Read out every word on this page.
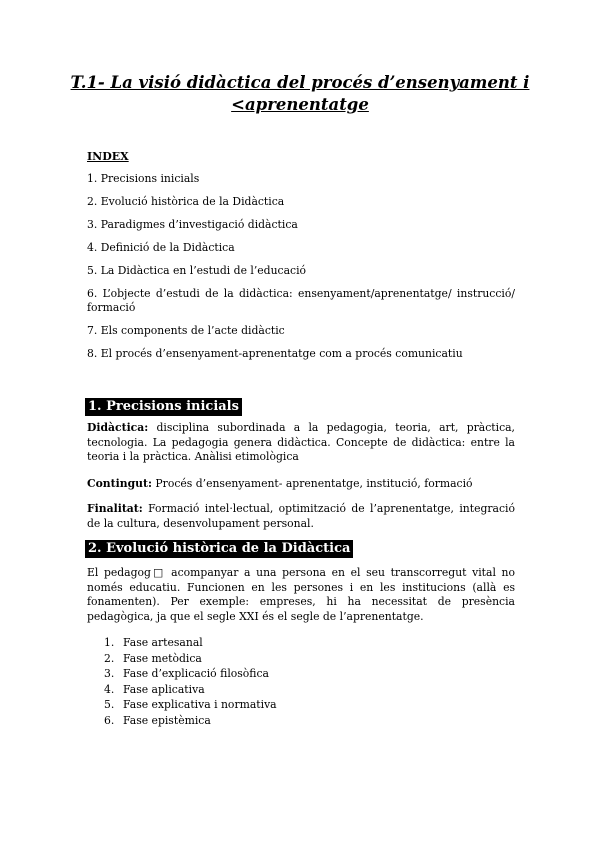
T.1- La visió didàctica del procés d’ensenyament i <aprenentatge
INDEX

1. Precisions inicials

2. Evolució històrica de la Didàctica

3. Paradigmes d’investigació didàctica

4. Definició de la Didàctica

5. La Didàctica en l’estudi de l’educació

6. L’objecte d’estudi de la didàctica: ensenyament/aprenentatge/ instrucció/ formació

7. Els components de l’acte didàctic

8. El procés d’ensenyament-aprenentatge com a procés comunicatiu

1. Precisions inicials
Didàctica: disciplina subordinada a la pedagogia, teoria, art, pràctica, tecnologia. La pedagogia genera didàctica. Concepte de didàctica: entre la teoria i la pràctica. Anàlisi etimològica
Contingut: Procés d’ensenyament- aprenentatge, institució, formació
Finalitat: Formació intel·lectual, optimització de l’aprenentatge, integració de la cultura, desenvolupament personal.
2. Evolució històrica de la Didàctica
El pedagog□ acompanyar a una persona en el seu transcorregut vital no només educatiu. Funcionen en les persones i en les institucions (allà es fonamenten). Per exemple: empreses, hi ha necessitat de presència pedagògica, ja que el segle XXI és el segle de l’aprenentatge.
1. Fase artesanal
2. Fase metòdica
3. Fase d’explicació filosòfica
4. Fase aplicativa
5. Fase explicativa i normativa
6. Fase epistèmica
